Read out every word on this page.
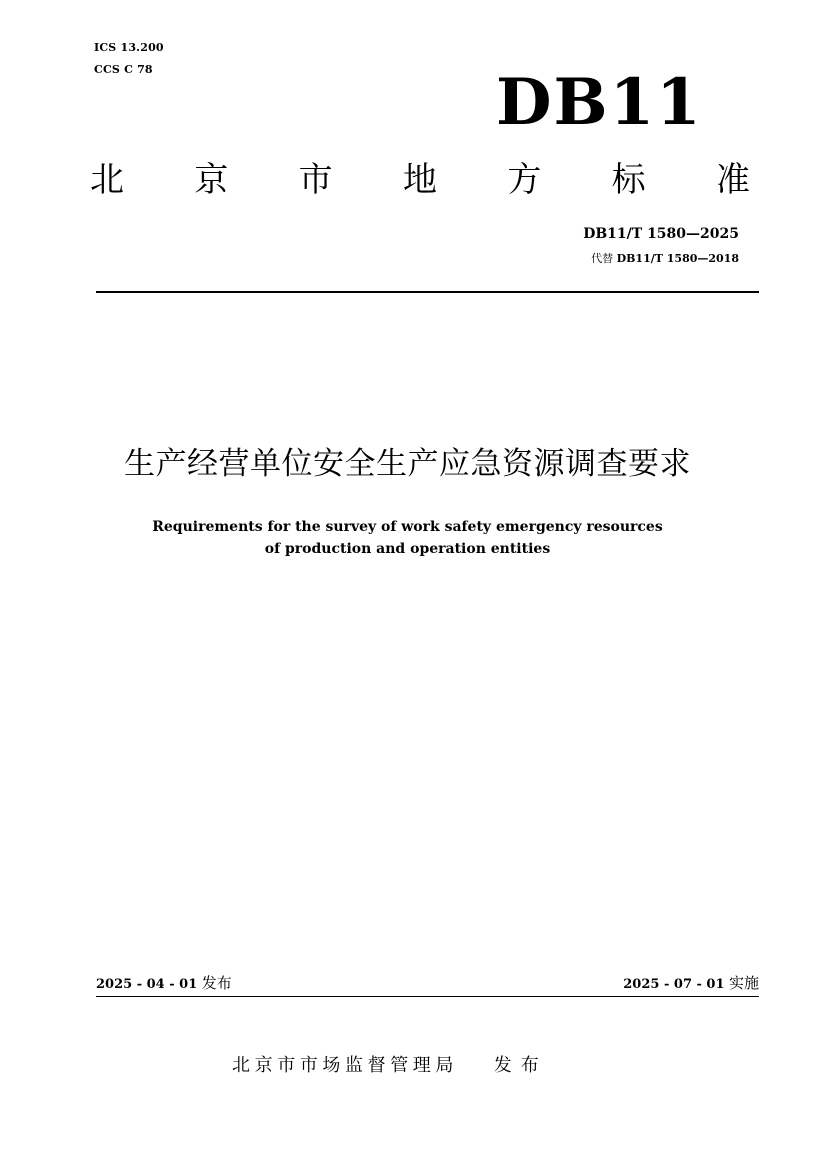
ICS 13.200
CCS C 78	DB11
北 京 市 地 方 标 准
DB11/T 1580—2025
代替 DB11/T 1580—2018
生产经营单位安全生产应急资源调查要求
Requirements for the survey of work safety emergency resources
of production and operation entities
2025 - 04 - 01 发布	2025 - 07 - 01 实施
北京市市场监督管理局 发布
